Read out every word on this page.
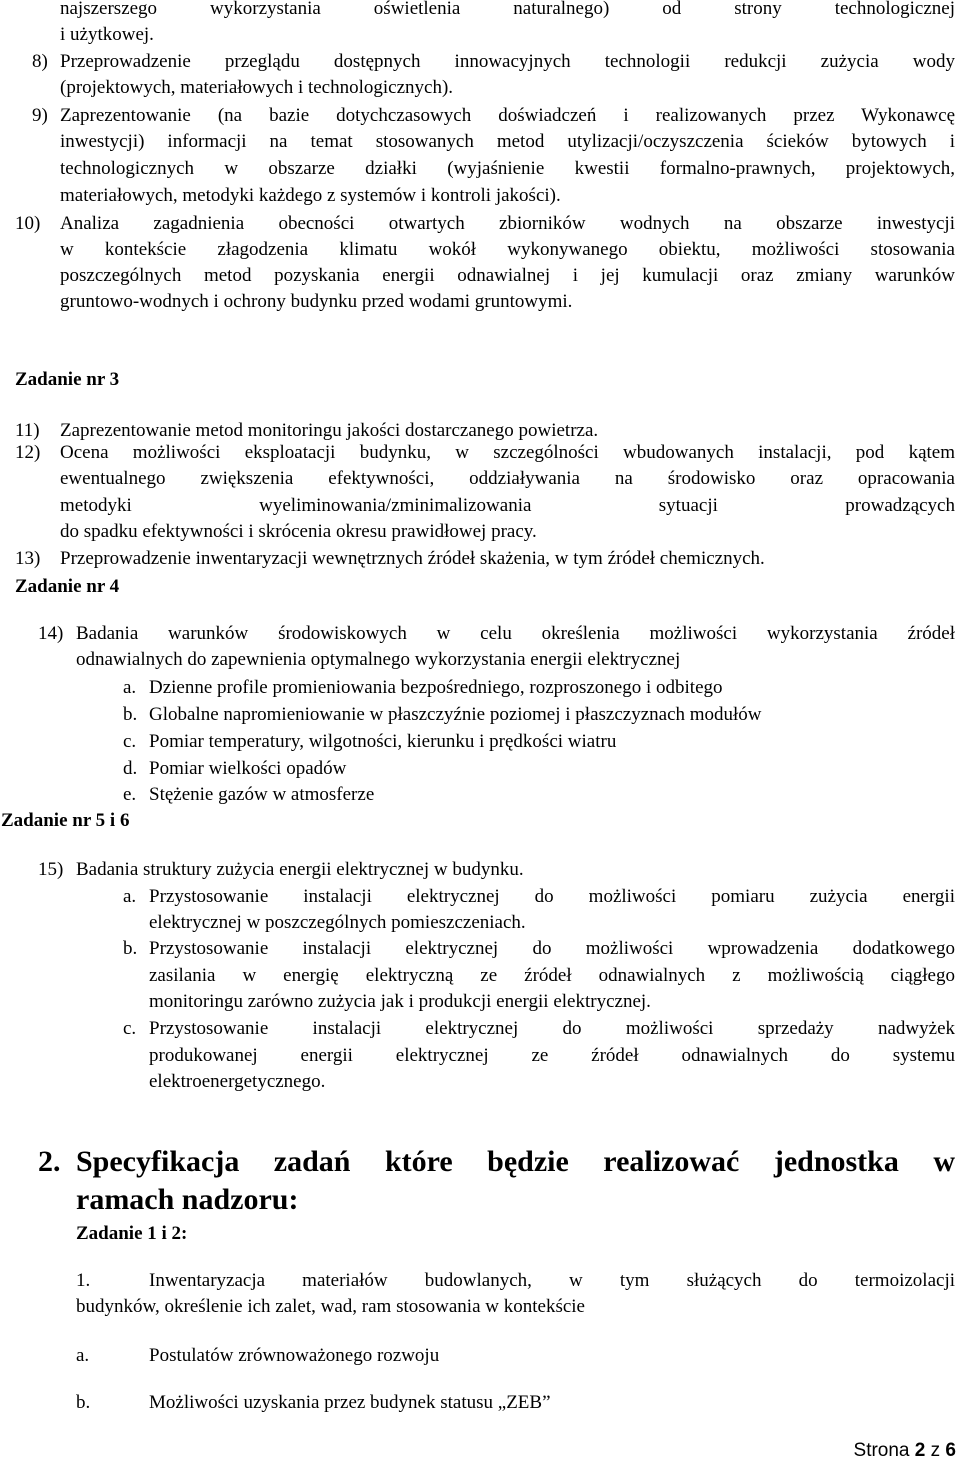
najszerszego wykorzystania oświetlenia naturalnego) od strony technologicznej
i użytkowej.
8) Przeprowadzenie przeglądu dostępnych innowacyjnych technologii redukcji zużycia wody
(projektowych, materiałowych i technologicznych).
9) Zaprezentowanie (na bazie dotychczasowych doświadczeń i realizowanych przez Wykonawcę
inwestycji) informacji na temat stosowanych metod utylizacji/oczyszczenia ścieków bytowych i
technologicznych w obszarze działki (wyjaśnienie kwestii formalno-prawnych, projektowych,
materiałowych, metodyki każdego z systemów i kontroli jakości).
10) Analiza zagadnienia obecności otwartych zbiorników wodnych na obszarze inwestycji
w kontekście złagodzenia klimatu wokół wykonywanego obiektu, możliwości stosowania
poszczególnych metod pozyskania energii odnawialnej i jej kumulacji oraz zmiany warunków
gruntowo-wodnych i ochrony budynku przed wodami gruntowymi.
Zadanie nr 3
11) Zaprezentowanie metod monitoringu jakości dostarczanego powietrza.
12) Ocena możliwości eksploatacji budynku, w szczególności wbudowanych instalacji, pod kątem
ewentualnego zwiększenia efektywności, oddziaływania na środowisko oraz opracowania
metodyki wyeliminowania/zminimalizowania sytuacji prowadzących
do spadku efektywności i skrócenia okresu prawidłowej pracy.
13) Przeprowadzenie inwentaryzacji wewnętrznych źródeł skażenia, w tym źródeł chemicznych.
Zadanie nr 4
14) Badania warunków środowiskowych w celu określenia możliwości wykorzystania źródeł
odnawialnych do zapewnienia optymalnego wykorzystania energii elektrycznej
a. Dzienne profile promieniowania bezpośredniego, rozproszonego i odbitego
b. Globalne napromieniowanie w płaszczyźnie poziomej i płaszczyznach modułów
c. Pomiar temperatury, wilgotności, kierunku i prędkości wiatru
d. Pomiar wielkości opadów
e. Stężenie gazów w atmosferze
Zadanie nr 5 i 6
15) Badania struktury zużycia energii elektrycznej w budynku.
a. Przystosowanie instalacji elektrycznej do możliwości pomiaru zużycia energii
elektrycznej w poszczególnych pomieszczeniach.
b. Przystosowanie instalacji elektrycznej do możliwości wprowadzenia dodatkowego
zasilania w energię elektryczną ze źródeł odnawialnych z możliwością ciągłego
monitoringu zarówno zużycia jak i produkcji energii elektrycznej.
c. Przystosowanie instalacji elektrycznej do możliwości sprzedaży nadwyżek
produkowanej energii elektrycznej ze źródeł odnawialnych do systemu
elektroenergetycznego.
2. Specyfikacja zadań które będzie realizować jednostka w
ramach nadzoru:
Zadanie 1 i 2:
1.	Inwentaryzacja materiałów budowlanych, w tym służących do termoizolacji
budynków, określenie ich zalet, wad, ram stosowania w kontekście
a.	Postulatów zrównoważonego rozwoju
b.	Możliwości uzyskania przez budynek statusu „ZEB”
Strona 2 z 6
